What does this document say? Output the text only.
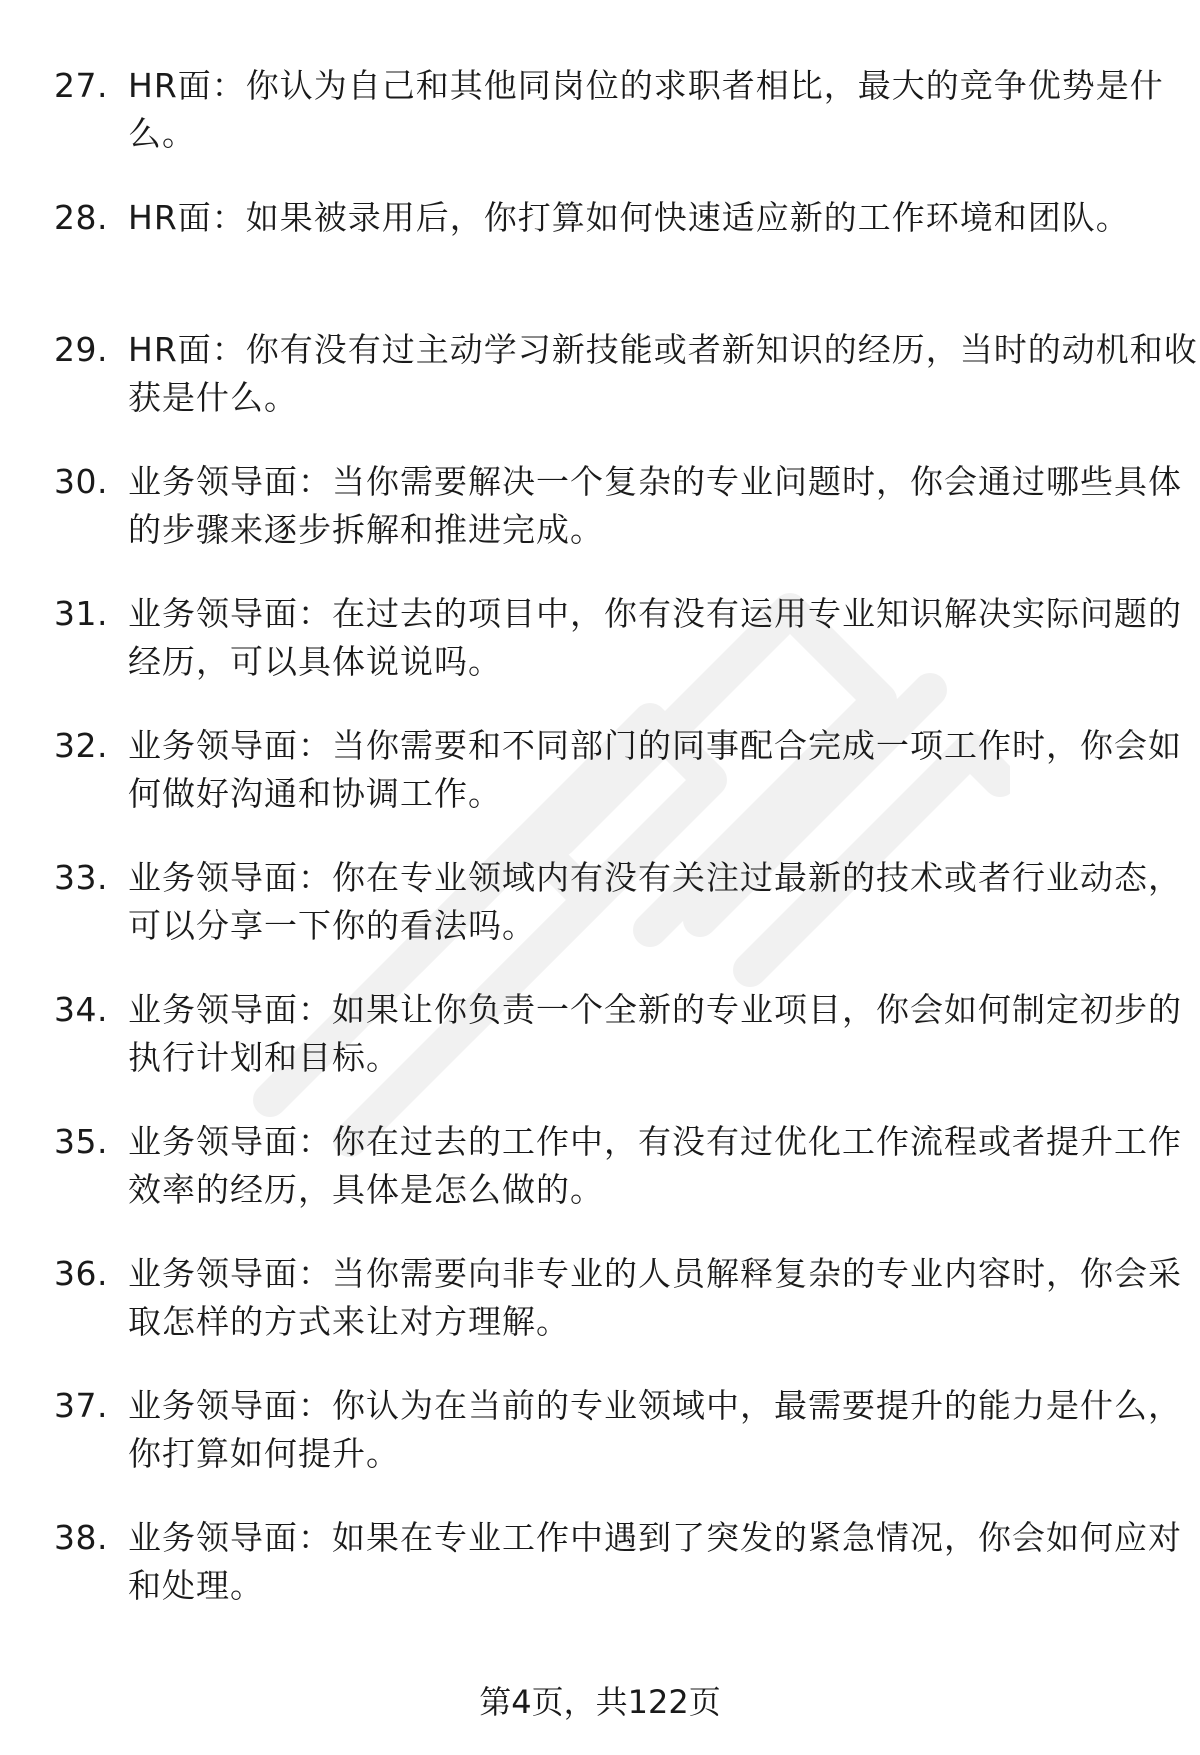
27. HR面：你认为自己和其他同岗位的求职者相比，最大的竞争优势是什么。
28. HR面：如果被录用后，你打算如何快速适应新的工作环境和团队。
29. HR面：你有没有过主动学习新技能或者新知识的经历，当时的动机和收获是什么。
30. 业务领导面：当你需要解决一个复杂的专业问题时，你会通过哪些具体的步骤来逐步拆解和推进完成。
31. 业务领导面：在过去的项目中，你有没有运用专业知识解决实际问题的经历，可以具体说说吗。
32. 业务领导面：当你需要和不同部门的同事配合完成一项工作时，你会如何做好沟通和协调工作。
33. 业务领导面：你在专业领域内有没有关注过最新的技术或者行业动态，可以分享一下你的看法吗。
34. 业务领导面：如果让你负责一个全新的专业项目，你会如何制定初步的执行计划和目标。
35. 业务领导面：你在过去的工作中，有没有过优化工作流程或者提升工作效率的经历，具体是怎么做的。
36. 业务领导面：当你需要向非专业的人员解释复杂的专业内容时，你会采取怎样的方式来让对方理解。
37. 业务领导面：你认为在当前的专业领域中，最需要提升的能力是什么，你打算如何提升。
38. 业务领导面：如果在专业工作中遇到了突发的紧急情况，你会如何应对和处理。
第4页，共122页
